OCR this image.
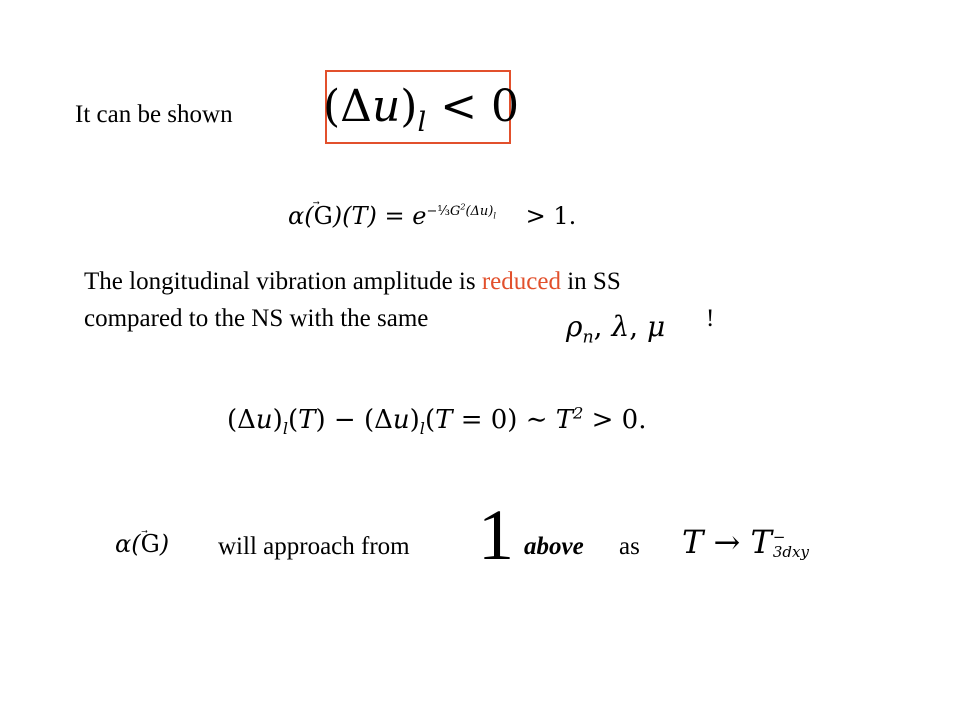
It can be shown $(\Delta u)_l < 0$
$\alpha(G)(T) = e^{-\frac{1}{3}G^2(\Delta u)_l} > 1$.
The longitudinal vibration amplitude is reduced in SS
compared to the NS with the same	!
$\rho_n$, λ, μ
$(\Delta u)_l(T) - (\Delta u)_l(T = 0)$ ∼ $T^2 > 0$.
α(G) will approach from 1 above as T → T −
3dxy
